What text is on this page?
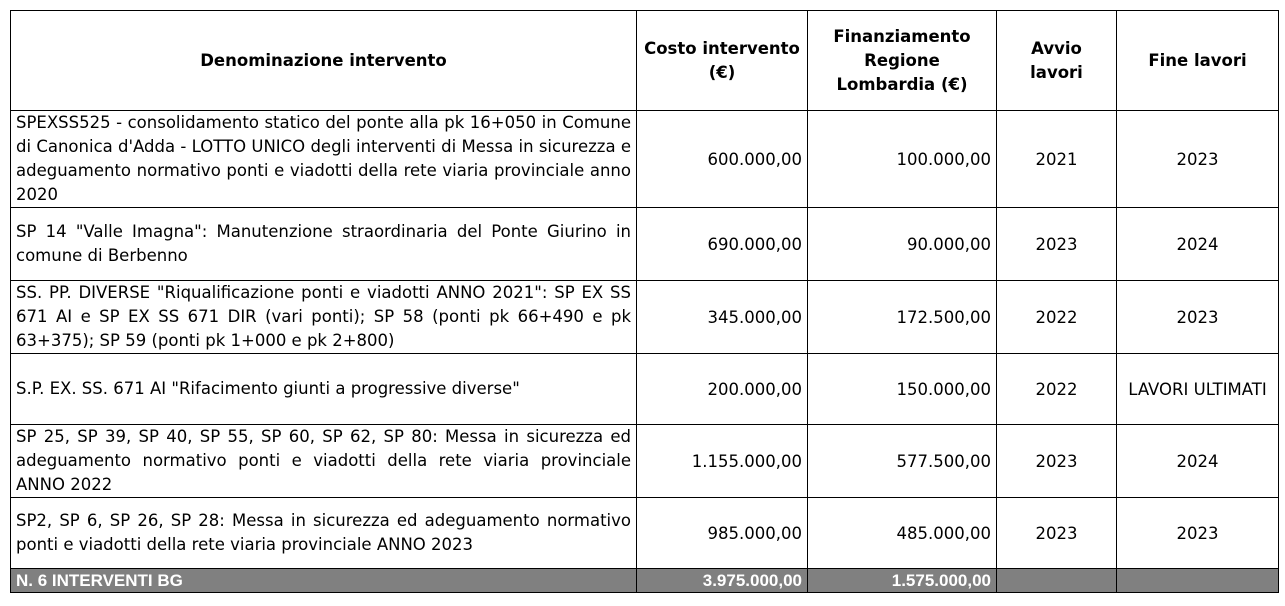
Denominazione intervento	Costo intervento (€)	Finanziamento Regione Lombardia (€)	Avvio lavori	Fine lavori
SPEXSS525 - consolidamento statico del ponte alla pk 16+050 in Comune di Canonica d'Adda - LOTTO UNICO degli interventi di Messa in sicurezza e adeguamento normativo ponti e viadotti della rete viaria provinciale anno 2020	600.000,00	100.000,00	2021	2023
SP 14 "Valle Imagna": Manutenzione straordinaria del Ponte Giurino in comune di Berbenno	690.000,00	90.000,00	2023	2024
SS. PP. DIVERSE "Riqualificazione ponti e viadotti ANNO 2021": SP EX SS 671 AI e SP EX SS 671 DIR (vari ponti); SP 58 (ponti pk 66+490 e pk 63+375); SP 59 (ponti pk 1+000 e pk 2+800)	345.000,00	172.500,00	2022	2023
S.P. EX. SS. 671 AI "Rifacimento giunti a progressive diverse"	200.000,00	150.000,00	2022	LAVORI ULTIMATI
SP 25, SP 39, SP 40, SP 55, SP 60, SP 62, SP 80: Messa in sicurezza ed adeguamento normativo ponti e viadotti della rete viaria provinciale ANNO 2022	1.155.000,00	577.500,00	2023	2024
SP2, SP 6, SP 26, SP 28: Messa in sicurezza ed adeguamento normativo ponti e viadotti della rete viaria provinciale ANNO 2023	985.000,00	485.000,00	2023	2023
N. 6 INTERVENTI BG	3.975.000,00	1.575.000,00		
